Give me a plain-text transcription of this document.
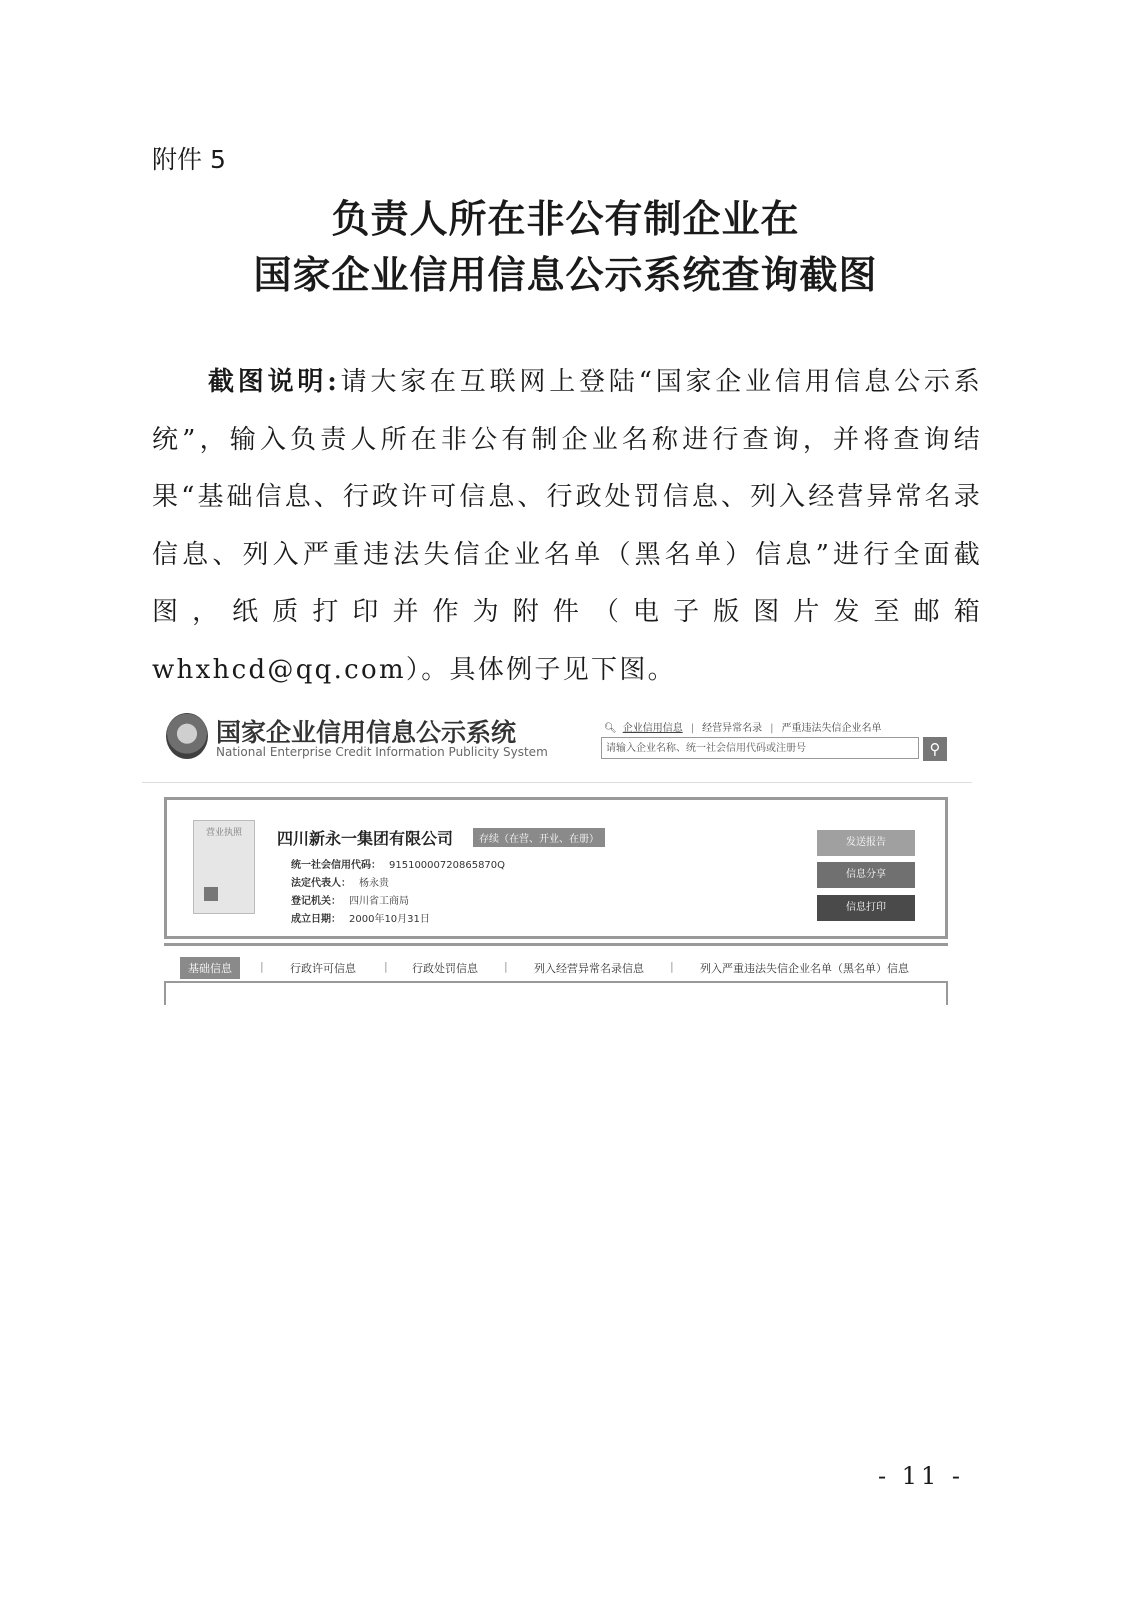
附件 5
负责人所在非公有制企业在
国家企业信用信息公示系统查询截图
截图说明:请大家在互联网上登陆“国家企业信用信息公示系统”，输入负责人所在非公有制企业名称进行查询，并将查询结果“基础信息、行政许可信息、行政处罚信息、列入经营异常名录信息、列入严重违法失信企业名单（黑名单）信息”进行全面截图，纸质打印并作为附件（电子版图片发至邮箱 whxhcd@qq.com）。具体例子见下图。
国家企业信用信息公示系统
National Enterprise Credit Information Publicity System
🔍︎ 企业信用信息 | 经营异常名录 | 严重违法失信企业名单
请输入企业名称、统一社会信用代码或注册号	⚲
营业执照	四川新永一集团有限公司	存续（在营、开业、在册）
统一社会信用代码： 91510000720865870Q
法定代表人： 杨永贵
登记机关： 四川省工商局
成立日期： 2000年10月31日
发送报告
信息分享
信息打印
基础信息	| 行政许可信息	| 行政处罚信息 | 列入经营异常名录信息 | 列入严重违法失信企业名单（黑名单）信息
- 11 -
